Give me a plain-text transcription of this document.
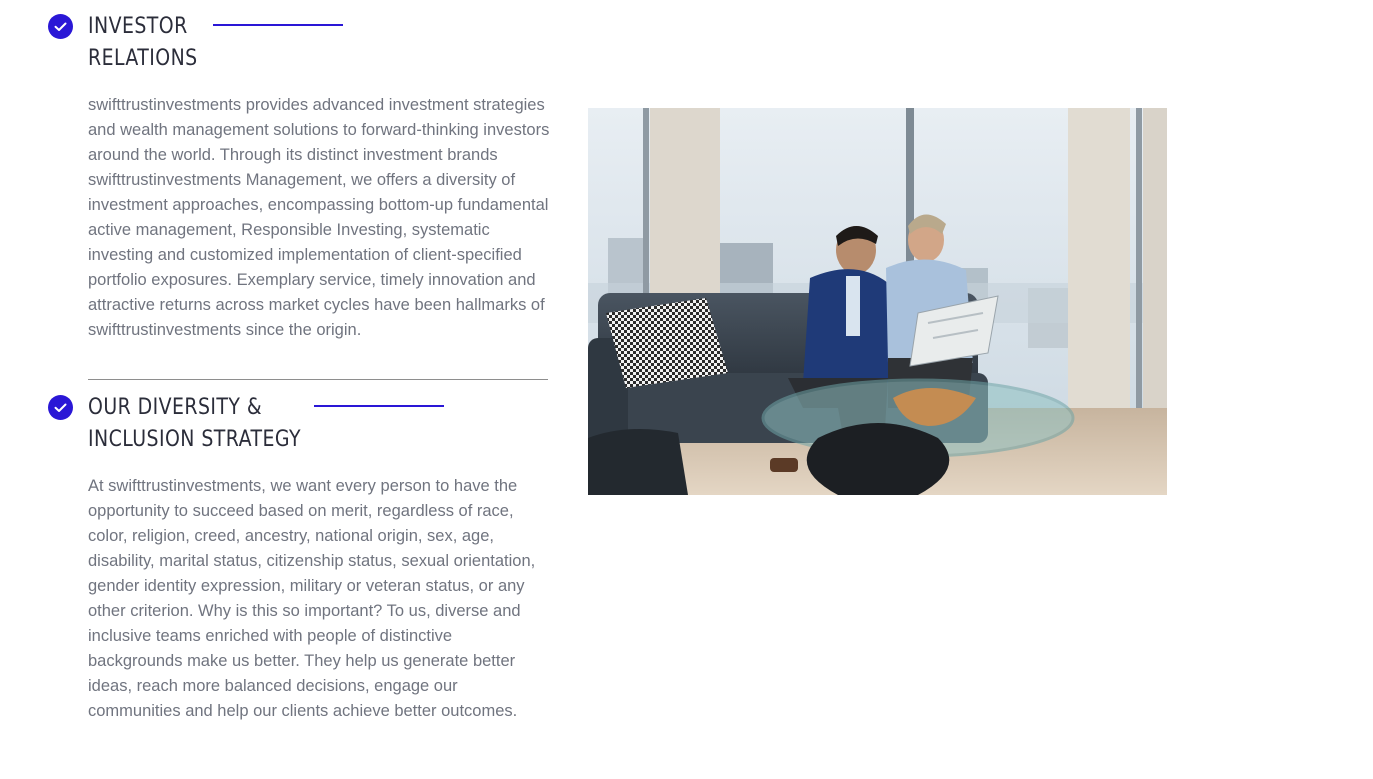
INVESTOR
RELATIONS

swifttrustinvestments provides advanced investment strategies and wealth management solutions to forward-thinking investors around the world. Through its distinct investment brands swifttrustinvestments Management, we offers a diversity of investment approaches, encompassing bottom-up fundamental active management, Responsible Investing, systematic investing and customized implementation of client-specified portfolio exposures. Exemplary service, timely innovation and attractive returns across market cycles have been hallmarks of swifttrustinvestments since the origin.

OUR DIVERSITY &
INCLUSION STRATEGY

At swifttrustinvestments, we want every person to have the opportunity to succeed based on merit, regardless of race, color, religion, creed, ancestry, national origin, sex, age, disability, marital status, citizenship status, sexual orientation, gender identity expression, military or veteran status, or any other criterion. Why is this so important? To us, diverse and inclusive teams enriched with people of distinctive backgrounds make us better. They help us generate better ideas, reach more balanced decisions, engage our communities and help our clients achieve better outcomes.
